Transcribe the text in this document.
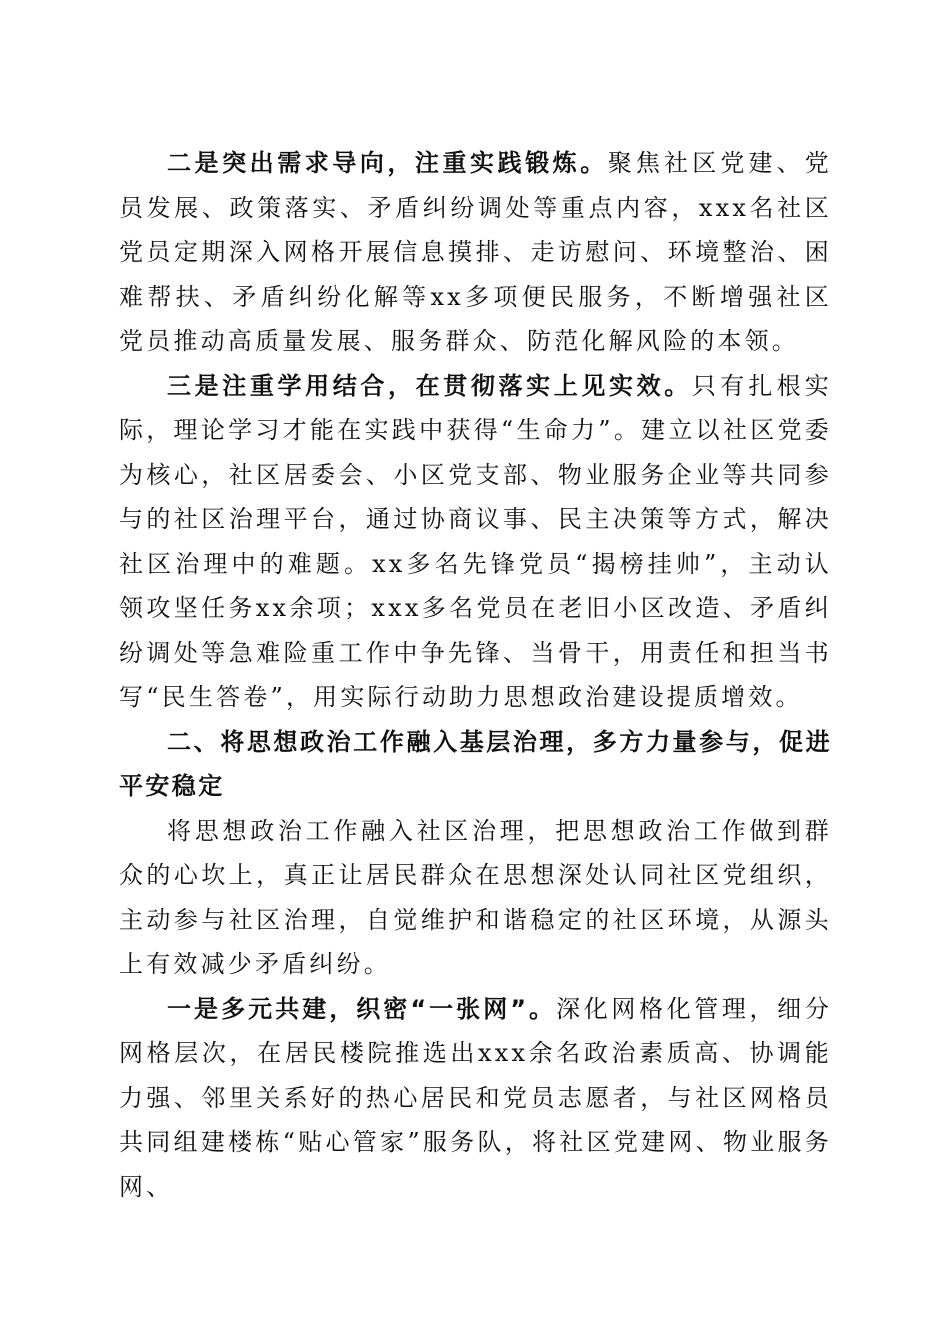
二是突出需求导向，注重实践锻炼。聚焦社区党建、党员发展、政策落实、矛盾纠纷调处等重点内容，xxx名社区党员定期深入网格开展信息摸排、走访慰问、环境整治、困难帮扶、矛盾纠纷化解等xx多项便民服务，不断增强社区党员推动高质量发展、服务群众、防范化解风险的本领。

三是注重学用结合，在贯彻落实上见实效。只有扎根实际，理论学习才能在实践中获得“生命力”。建立以社区党委为核心，社区居委会、小区党支部、物业服务企业等共同参与的社区治理平台，通过协商议事、民主决策等方式，解决社区治理中的难题。xx多名先锋党员“揭榜挂帅”，主动认领攻坚任务xx余项；xxx多名党员在老旧小区改造、矛盾纠纷调处等急难险重工作中争先锋、当骨干，用责任和担当书写“民生答卷”，用实际行动助力思想政治建设提质增效。

二、将思想政治工作融入基层治理，多方力量参与，促进平安稳定

将思想政治工作融入社区治理，把思想政治工作做到群众的心坎上，真正让居民群众在思想深处认同社区党组织，主动参与社区治理，自觉维护和谐稳定的社区环境，从源头上有效减少矛盾纠纷。

一是多元共建，织密“一张网”。深化网格化管理，细分网格层次，在居民楼院推选出xxx余名政治素质高、协调能力强、邻里关系好的热心居民和党员志愿者，与社区网格员共同组建楼栋“贴心管家”服务队，将社区党建网、物业服务网、
